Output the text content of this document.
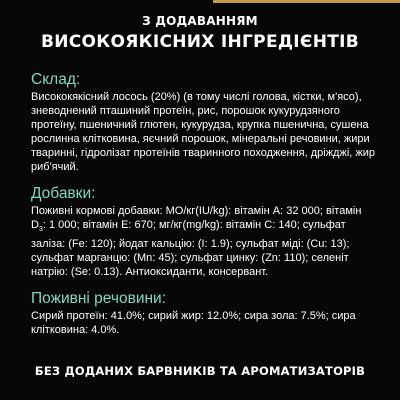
З ДОДАВАННЯМ
ВИСОКОЯКІСНИХ ІНГРЕДІЄНТІВ

Склад:

Висококякісний лосось (20%) (в тому числі голова, кістки, м'ясо), зневоднений пташиний протеїн, рис, порошок кукурудзяного протеїну, пшеничний глютен, кукурудза, крупка пшенична, сушена рослинна клітковина, яєчний порошок, мінеральні речовини, жири тваринні, гідролізат протеїнів тваринного походження, дріжджі, жир риб'ячий.

Добавки:

Поживні кормові добавки: МО/кг(IU/kg): вітамін А: 32 000; вітамін $D_3$: 1 000; вітамін Е: 670; мг/кг(mg/kg): вітамін С: 140; сульфат заліза: (Fe: 120); йодат кальцію: (I: 1.9); сульфат міді: (Cu: 13); сульфат марганцю: (Mn: 45); сульфат цинку: (Zn: 110); селеніт натрію: (Se: 0.13). Антиоксиданти, консервант.

Поживні речовини:

Сирий протеїн: 41.0%; сирий жир: 12.0%; сира зола: 7.5%; сира клітковина: 4.0%.

БЕЗ ДОДАНИХ БАРВНИКІВ ТА АРОМАТИЗАТОРІВ
